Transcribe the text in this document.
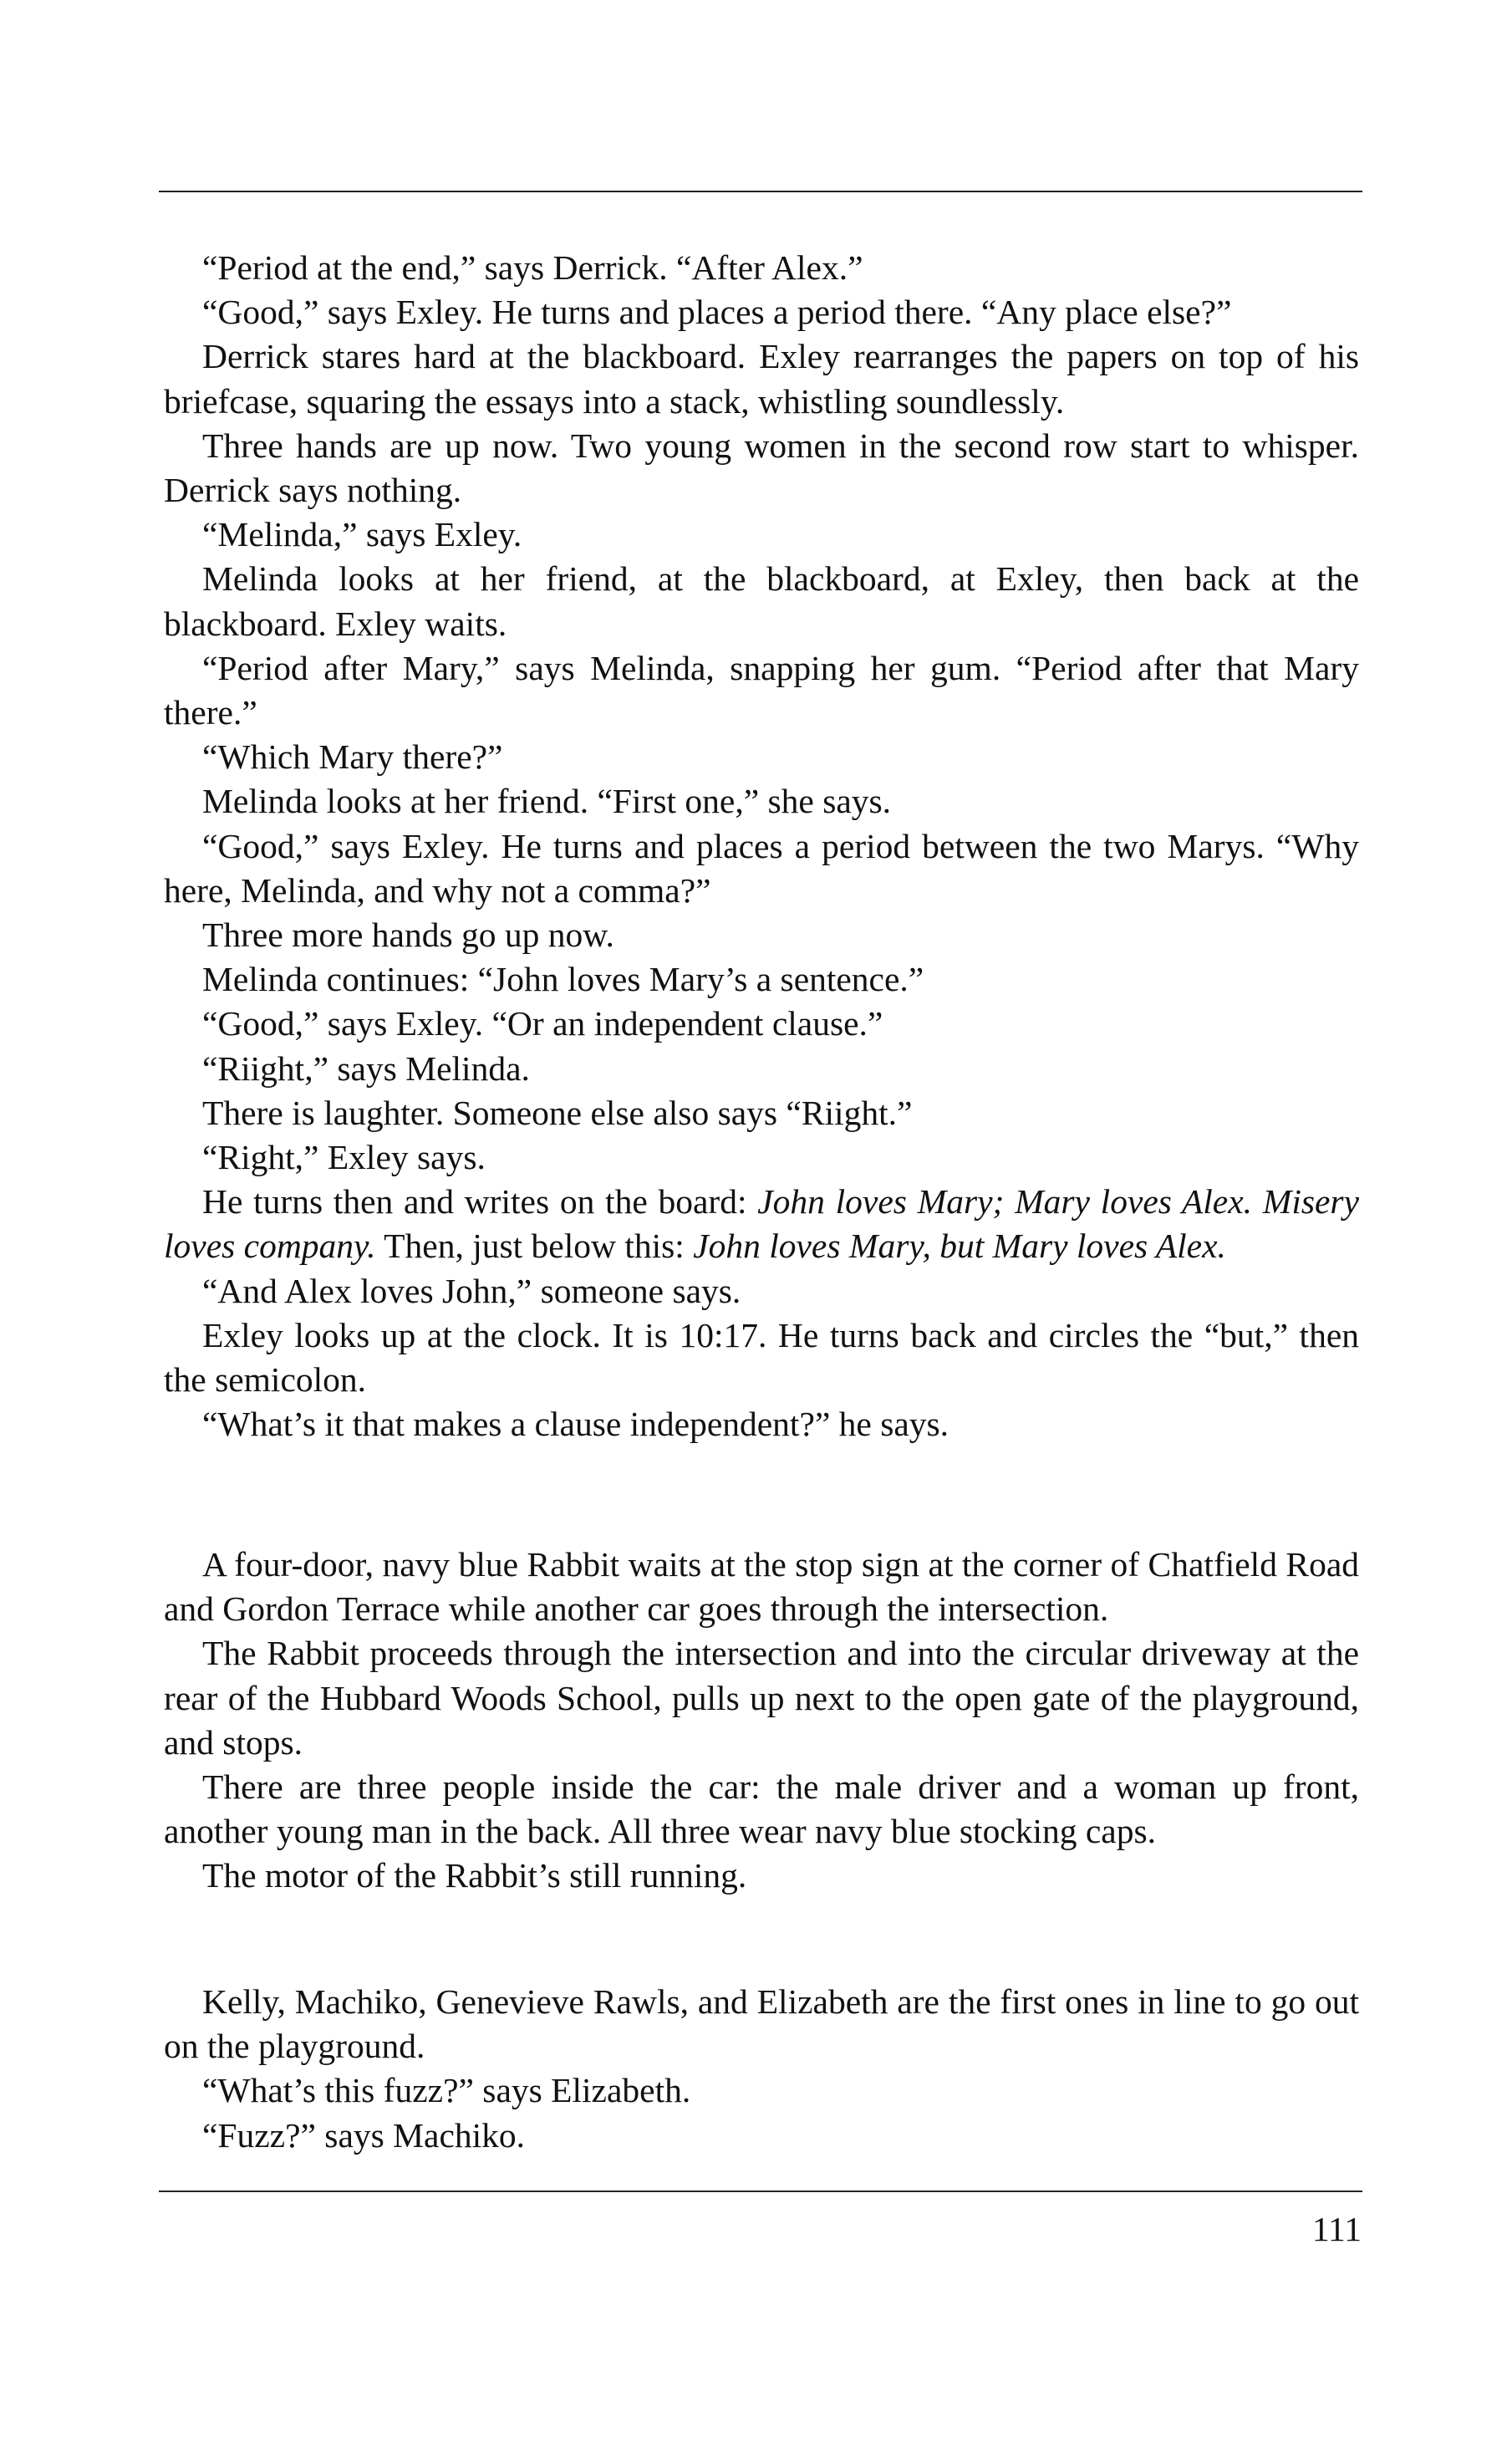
“Period at the end,” says Derrick. “After Alex.”

“Good,” says Exley. He turns and places a period there. “Any place else?”

Derrick stares hard at the blackboard. Exley rearranges the papers on top of his briefcase, squaring the essays into a stack, whistling soundlessly.

Three hands are up now. Two young women in the second row start to whisper. Derrick says nothing.

“Melinda,” says Exley.

Melinda looks at her friend, at the blackboard, at Exley, then back at the blackboard. Exley waits.

“Period after Mary,” says Melinda, snapping her gum. “Period after that Mary there.”

“Which Mary there?”

Melinda looks at her friend. “First one,” she says.

“Good,” says Exley. He turns and places a period between the two Marys. “Why here, Melinda, and why not a comma?”

Three more hands go up now.

Melinda continues: “John loves Mary’s a sentence.”

“Good,” says Exley. “Or an independent clause.”

“Riight,” says Melinda.

There is laughter. Someone else also says “Riight.”

“Right,” Exley says.

He turns then and writes on the board: John loves Mary; Mary loves Alex. Misery loves company. Then, just below this: John loves Mary, but Mary loves Alex.

“And Alex loves John,” someone says.

Exley looks up at the clock. It is 10:17. He turns back and circles the “but,” then the semicolon.

“What’s it that makes a clause independent?” he says.

A four-door, navy blue Rabbit waits at the stop sign at the corner of Chatfield Road and Gordon Terrace while another car goes through the intersection.

The Rabbit proceeds through the intersection and into the circular driveway at the rear of the Hubbard Woods School, pulls up next to the open gate of the playground, and stops.

There are three people inside the car: the male driver and a woman up front, another young man in the back. All three wear navy blue stocking caps.

The motor of the Rabbit’s still running.

Kelly, Machiko, Genevieve Rawls, and Elizabeth are the first ones in line to go out on the playground.

“What’s this fuzz?” says Elizabeth.

“Fuzz?” says Machiko.

111
